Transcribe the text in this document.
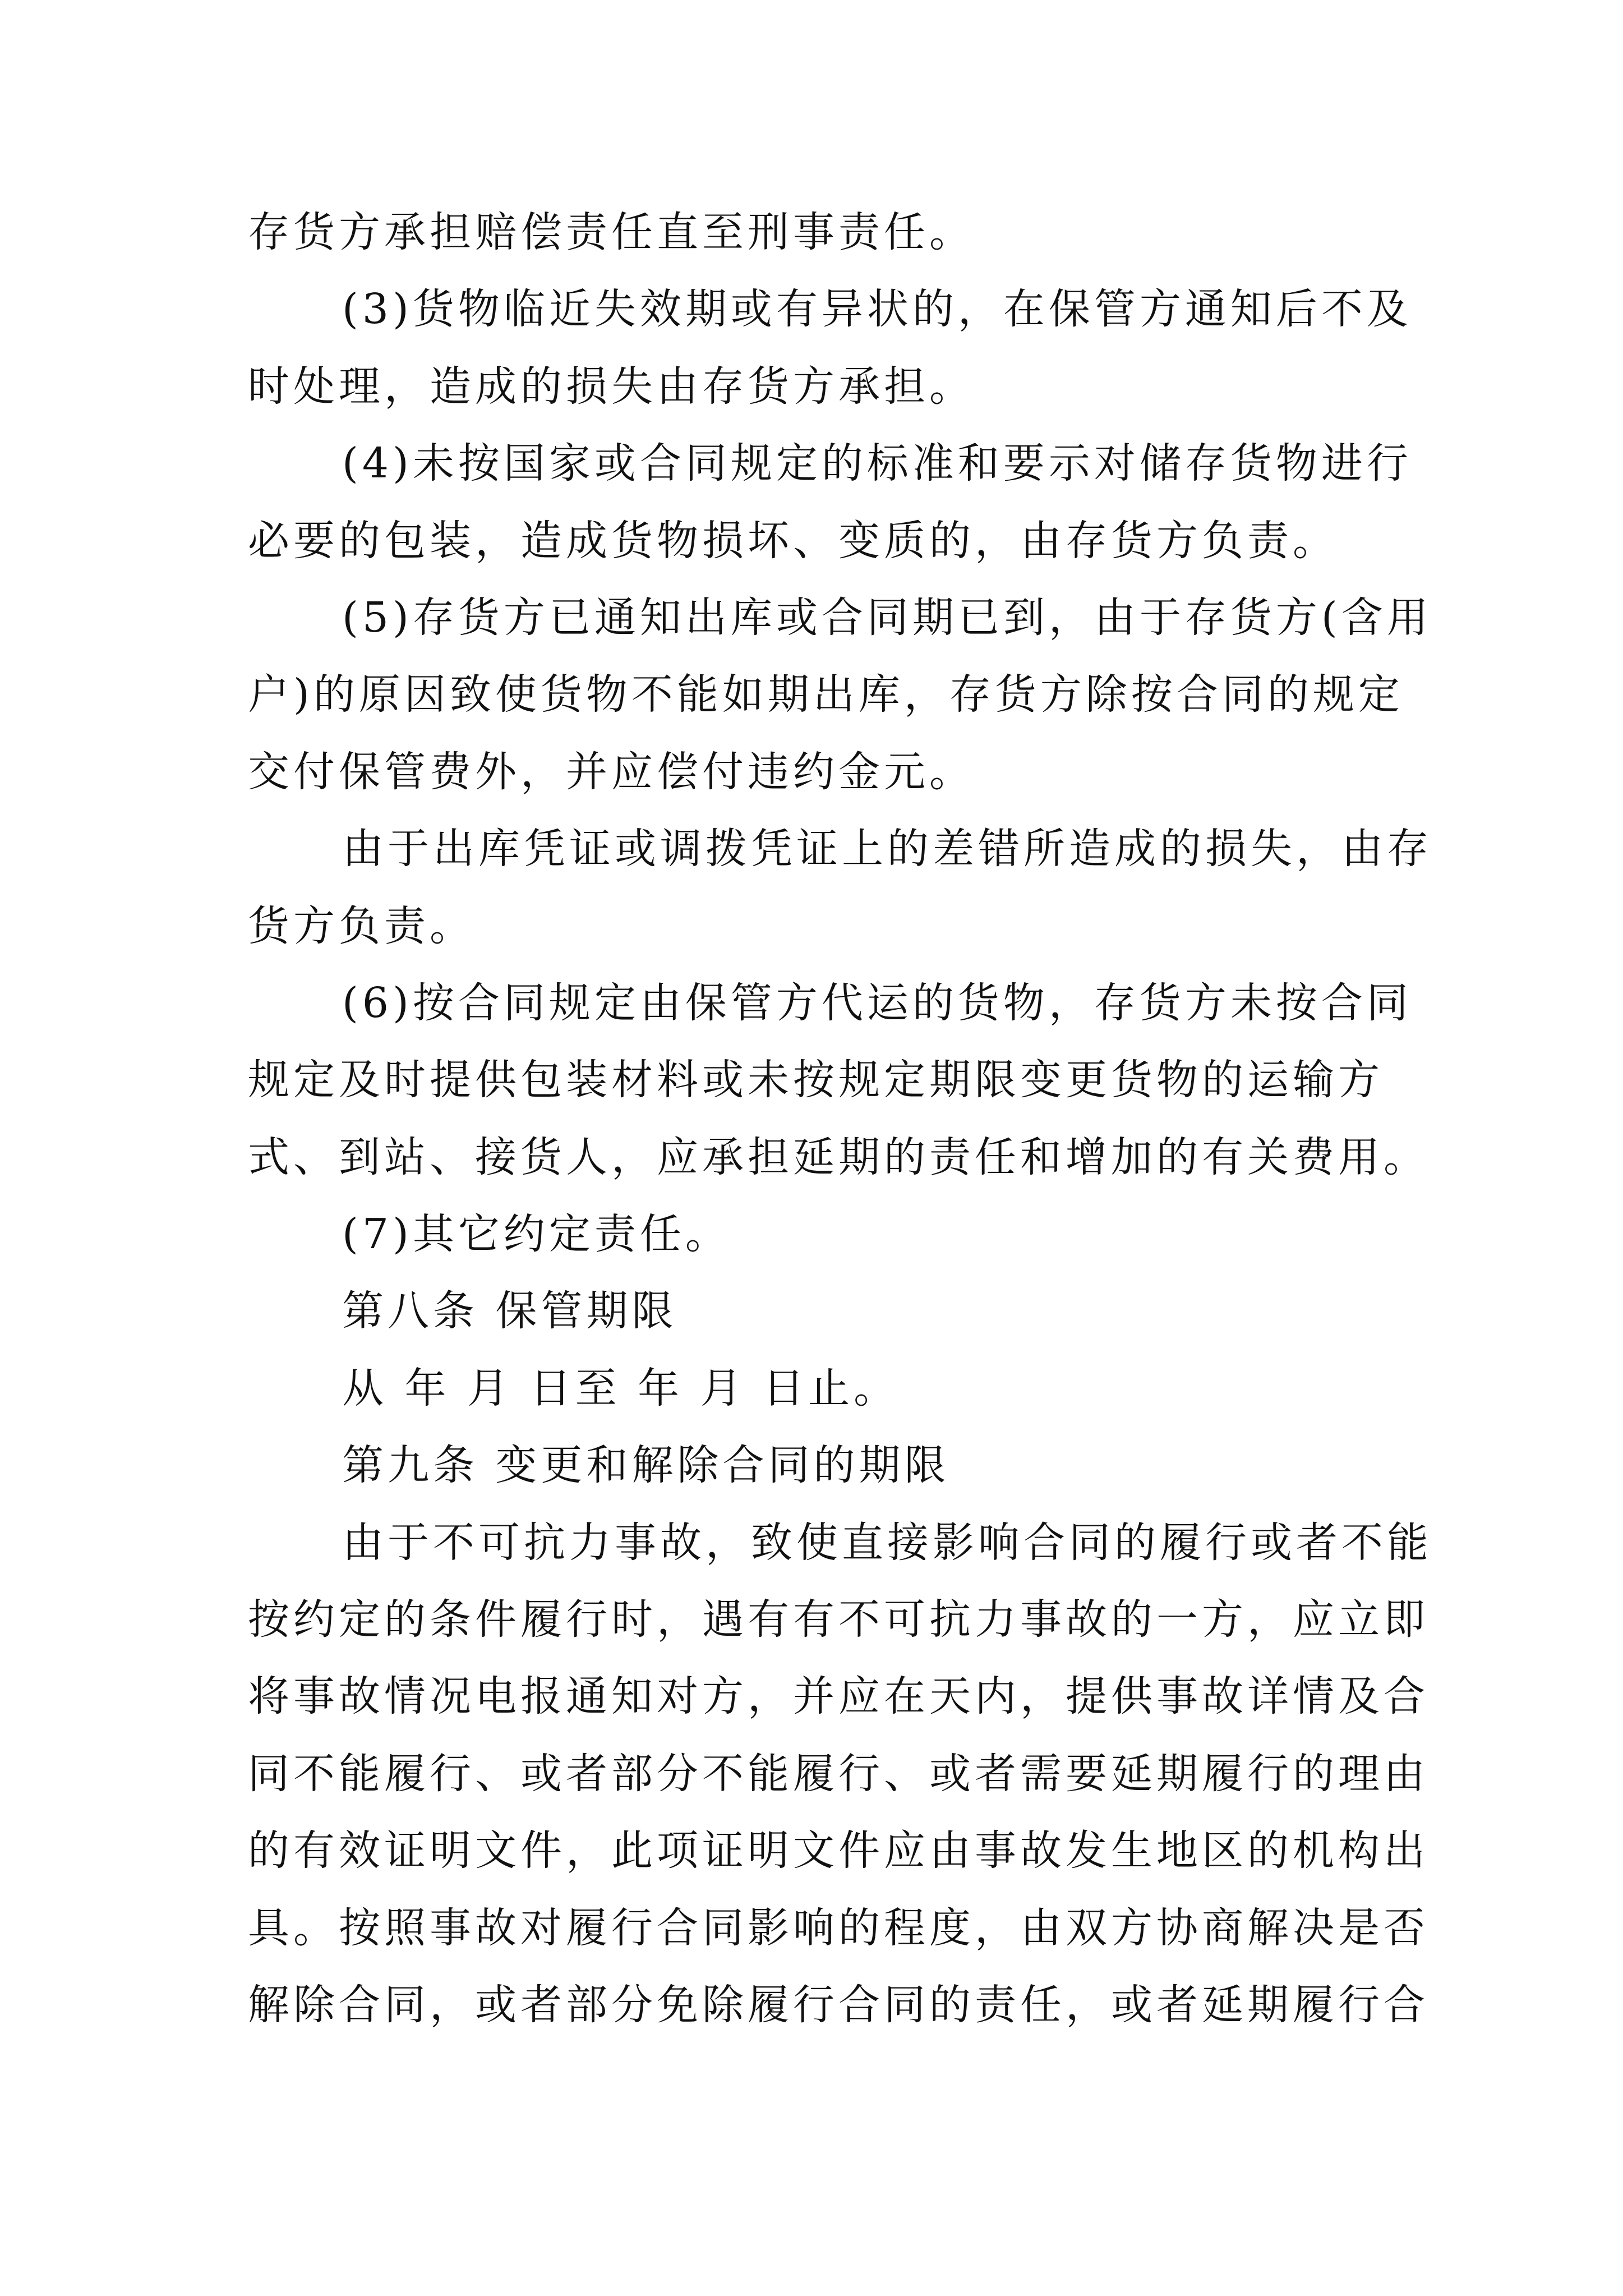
存货方承担赔偿责任直至刑事责任。
(3)货物临近失效期或有异状的，在保管方通知后不及
时处理，造成的损失由存货方承担。
(4)未按国家或合同规定的标准和要示对储存货物进行
必要的包装，造成货物损坏、变质的，由存货方负责。
(5)存货方已通知出库或合同期已到，由于存货方(含用
户)的原因致使货物不能如期出库，存货方除按合同的规定
交付保管费外，并应偿付违约金元。
由于出库凭证或调拨凭证上的差错所造成的损失，由存
货方负责。
(6)按合同规定由保管方代运的货物，存货方未按合同
规定及时提供包装材料或未按规定期限变更货物的运输方
式、到站、接货人，应承担延期的责任和增加的有关费用。
(7)其它约定责任。
第八条 保管期限
从 年 月 日至 年 月 日止。
第九条 变更和解除合同的期限
由于不可抗力事故，致使直接影响合同的履行或者不能
按约定的条件履行时，遇有有不可抗力事故的一方，应立即
将事故情况电报通知对方，并应在天内，提供事故详情及合
同不能履行、或者部分不能履行、或者需要延期履行的理由
的有效证明文件，此项证明文件应由事故发生地区的机构出
具。按照事故对履行合同影响的程度，由双方协商解决是否
解除合同，或者部分免除履行合同的责任，或者延期履行合
